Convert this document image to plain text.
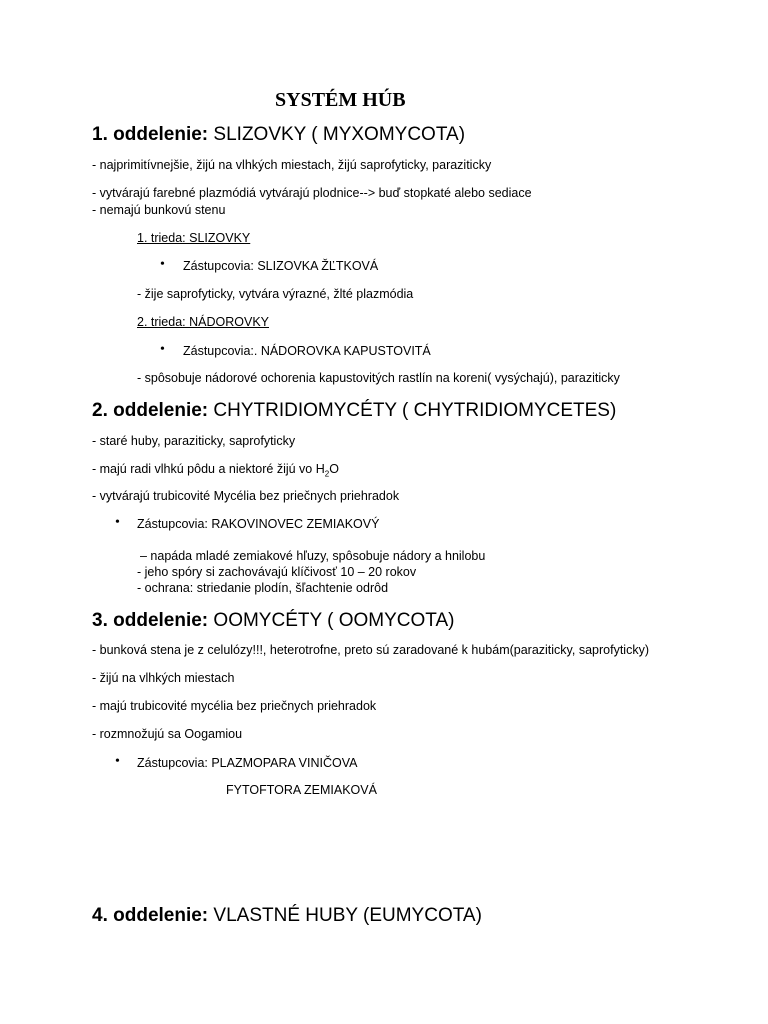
SYSTÉM HÚB
1. oddelenie: SLIZOVKY ( MYXOMYCOTA)
- najprimitívnejšie, žijú na vlhkých miestach, žijú saprofyticky, paraziticky
- vytvárajú farebné plazmódiá vytvárajú plodnice--> buď stopkaté alebo sediace
- nemajú bunkovú stenu
1. trieda: SLIZOVKY
• Zástupcovia: SLIZOVKA ŽĽTKOVÁ
- žije saprofyticky, vytvára výrazné, žlté plazmódia
2. trieda: NÁDOROVKY
• Zástupcovia:. NÁDOROVKA KAPUSTOVITÁ
- spôsobuje nádorové ochorenia kapustovitých rastlín na koreni( vysýchajú), paraziticky
2. oddelenie: CHYTRIDIOMYCÉTY ( CHYTRIDIOMYCETES)
- staré huby, paraziticky, saprofyticky
- majú radi vlhkú pôdu a niektoré žijú vo $H_2O$
- vytvárajú trubicovité Mycélia bez priečnych priehradok
• Zástupcovia: RAKOVINOVEC ZEMIAKOVÝ
– napáda mladé zemiakové hľuzy, spôsobuje nádory a hnilobu
- jeho spóry si zachovávajú klíčivosť 10 – 20 rokov
- ochrana: striedanie plodín, šľachtenie odrôd
3. oddelenie: OOMYCÉTY ( OOMYCOTA)
- bunková stena je z celulózy!!!, heterotrofne, preto sú zaradované k hubám(paraziticky, saprofyticky)
- žijú na vlhkých miestach
- majú trubicovité mycélia bez priečnych priehradok
- rozmnožujú sa Oogamiou
• Zástupcovia: PLAZMOPARA VINIČOVA
FYTOFTORA ZEMIAKOVÁ
4. oddelenie: VLASTNÉ HUBY (EUMYCOTA)
